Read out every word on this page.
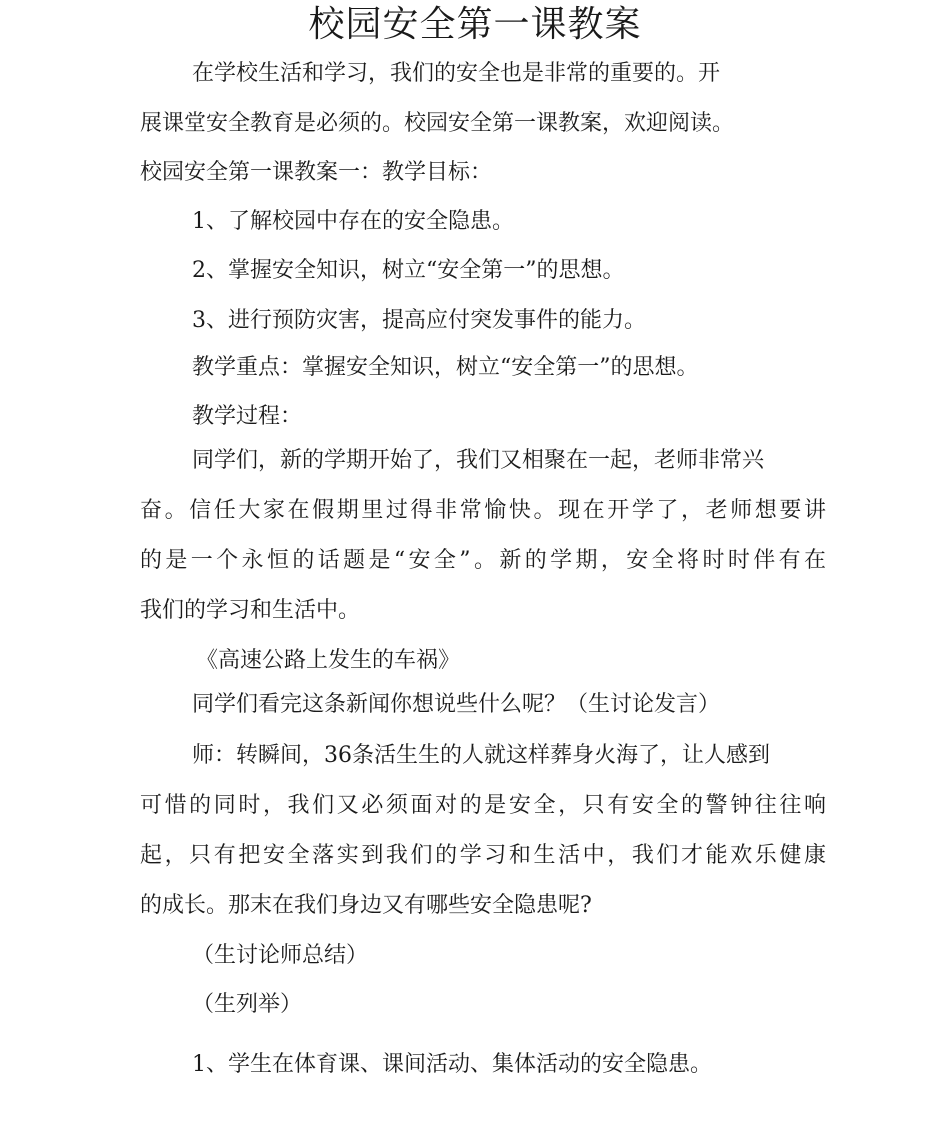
校园安全第一课教案

在学校生活和学习，我们的安全也是非常的重要的。开

展课堂安全教育是必须的。校园安全第一课教案，欢迎阅读。

校园安全第一课教案一：教学目标：

1、了解校园中存在的安全隐患。

2、掌握安全知识，树立“安全第一”的思想。

3、进行预防灾害，提高应付突发事件的能力。

教学重点：掌握安全知识，树立“安全第一”的思想。

教学过程：

同学们，新的学期开始了，我们又相聚在一起，老师非常兴

奋。信任大家在假期里过得非常愉快。现在开学了，老师想要讲

的是一个永恒的话题是“安全”。新的学期，安全将时时伴有在

我们的学习和生活中。

《高速公路上发生的车祸》

同学们看完这条新闻你想说些什么呢？（生讨论发言）

师：转瞬间，36条活生生的人就这样葬身火海了，让人感到

可惜的同时，我们又必须面对的是安全，只有安全的警钟往往响

起，只有把安全落实到我们的学习和生活中，我们才能欢乐健康

的成长。那末在我们身边又有哪些安全隐患呢?

（生讨论师总结）

（生列举）

1、学生在体育课、课间活动、集体活动的安全隐患。
